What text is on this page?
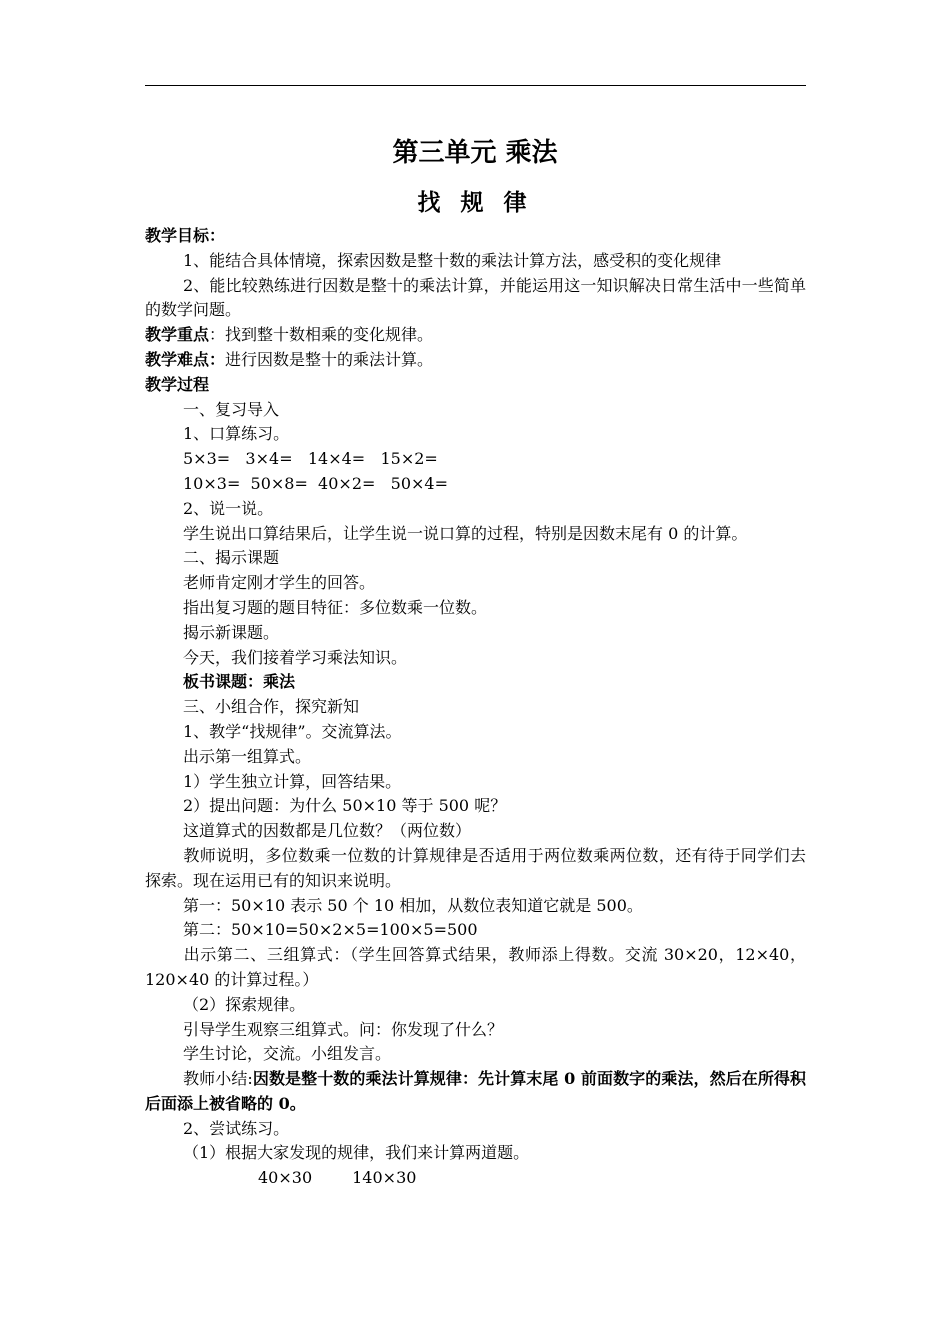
第三单元 乘法
找 规 律
教学目标：
1、能结合具体情境，探索因数是整十数的乘法计算方法，感受积的变化规律
2、能比较熟练进行因数是整十的乘法计算，并能运用这一知识解决日常生活中一些简单的数学问题。
教学重点：找到整十数相乘的变化规律。
教学难点：进行因数是整十的乘法计算。
教学过程
一、复习导入
1、口算练习。
5×3=   3×4=   14×4=   15×2=
10×3=  50×8=  40×2=   50×4=
2、说一说。
学生说出口算结果后，让学生说一说口算的过程，特别是因数末尾有 0 的计算。
二、揭示课题
老师肯定刚才学生的回答。
指出复习题的题目特征：多位数乘一位数。
揭示新课题。
今天，我们接着学习乘法知识。
板书课题：乘法
三、小组合作，探究新知
1、教学“找规律”。交流算法。
出示第一组算式。
1）学生独立计算，回答结果。
2）提出问题：为什么 50×10 等于 500 呢？
这道算式的因数都是几位数？（两位数）
教师说明，多位数乘一位数的计算规律是否适用于两位数乘两位数，还有待于同学们去探索。现在运用已有的知识来说明。
第一：50×10 表示 50 个 10 相加，从数位表知道它就是 500。
第二：50×10=50×2×5=100×5=500
出示第二、三组算式：（学生回答算式结果，教师添上得数。交流 30×20，12×40，120×40 的计算过程。）
（2）探索规律。
引导学生观察三组算式。问：你发现了什么？
学生讨论，交流。小组发言。
教师小结:因数是整十数的乘法计算规律：先计算末尾 0 前面数字的乘法，然后在所得积后面添上被省略的 0。
2、尝试练习。
（1）根据大家发现的规律，我们来计算两道题。
40×30	140×30
